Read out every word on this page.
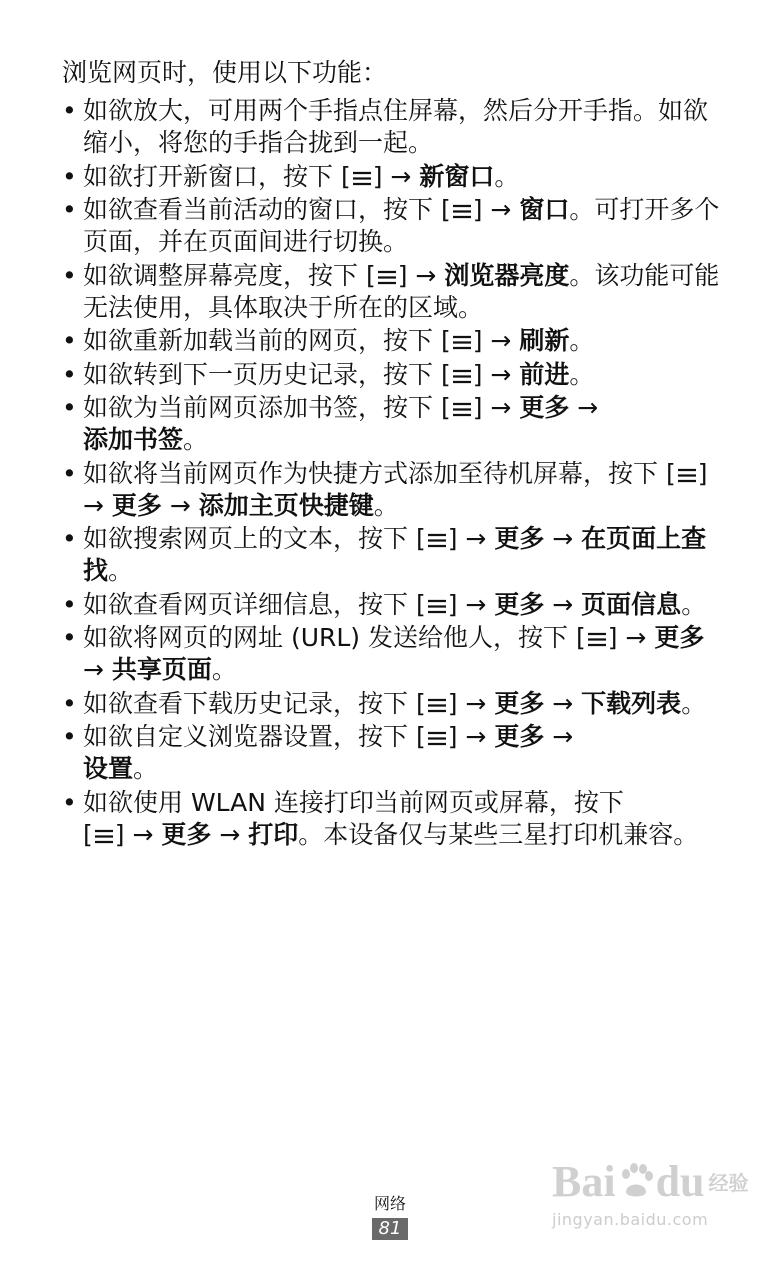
浏览网页时，使用以下功能：

• 如欲放大，可用两个手指点住屏幕，然后分开手指。如欲缩小，将您的手指合拢到一起。
• 如欲打开新窗口，按下 [ ] → 新窗口。
• 如欲查看当前活动的窗口，按下 [ ] → 窗口。可打开多个页面，并在页面间进行切换。
• 如欲调整屏幕亮度，按下 [ ] → 浏览器亮度。该功能可能无法使用，具体取决于所在的区域。
• 如欲重新加载当前的网页，按下 [ ] → 刷新。
• 如欲转到下一页历史记录，按下 [ ] → 前进。
• 如欲为当前网页添加书签，按下 [ ] → 更多 →
添加书签。
• 如欲将当前网页作为快捷方式添加至待机屏幕，按下 [ ] → 更多 → 添加主页快捷键。
• 如欲搜索网页上的文本，按下 [ ] → 更多 → 在页面上查找。
• 如欲查看网页详细信息，按下 [ ] → 更多 → 页面信息。
• 如欲将网页的网址 (URL) 发送给他人，按下 [ ] → 更多 → 共享页面。
• 如欲查看下载历史记录，按下 [ ] → 更多 → 下载列表。
• 如欲自定义浏览器设置，按下 [ ] → 更多 →
设置。
• 如欲使用 WLAN 连接打印当前网页或屏幕，按下
[ ] → 更多 → 打印。本设备仅与某些三星打印机兼容。
网络
81
Bai du 经验
jingyan.baidu.com
